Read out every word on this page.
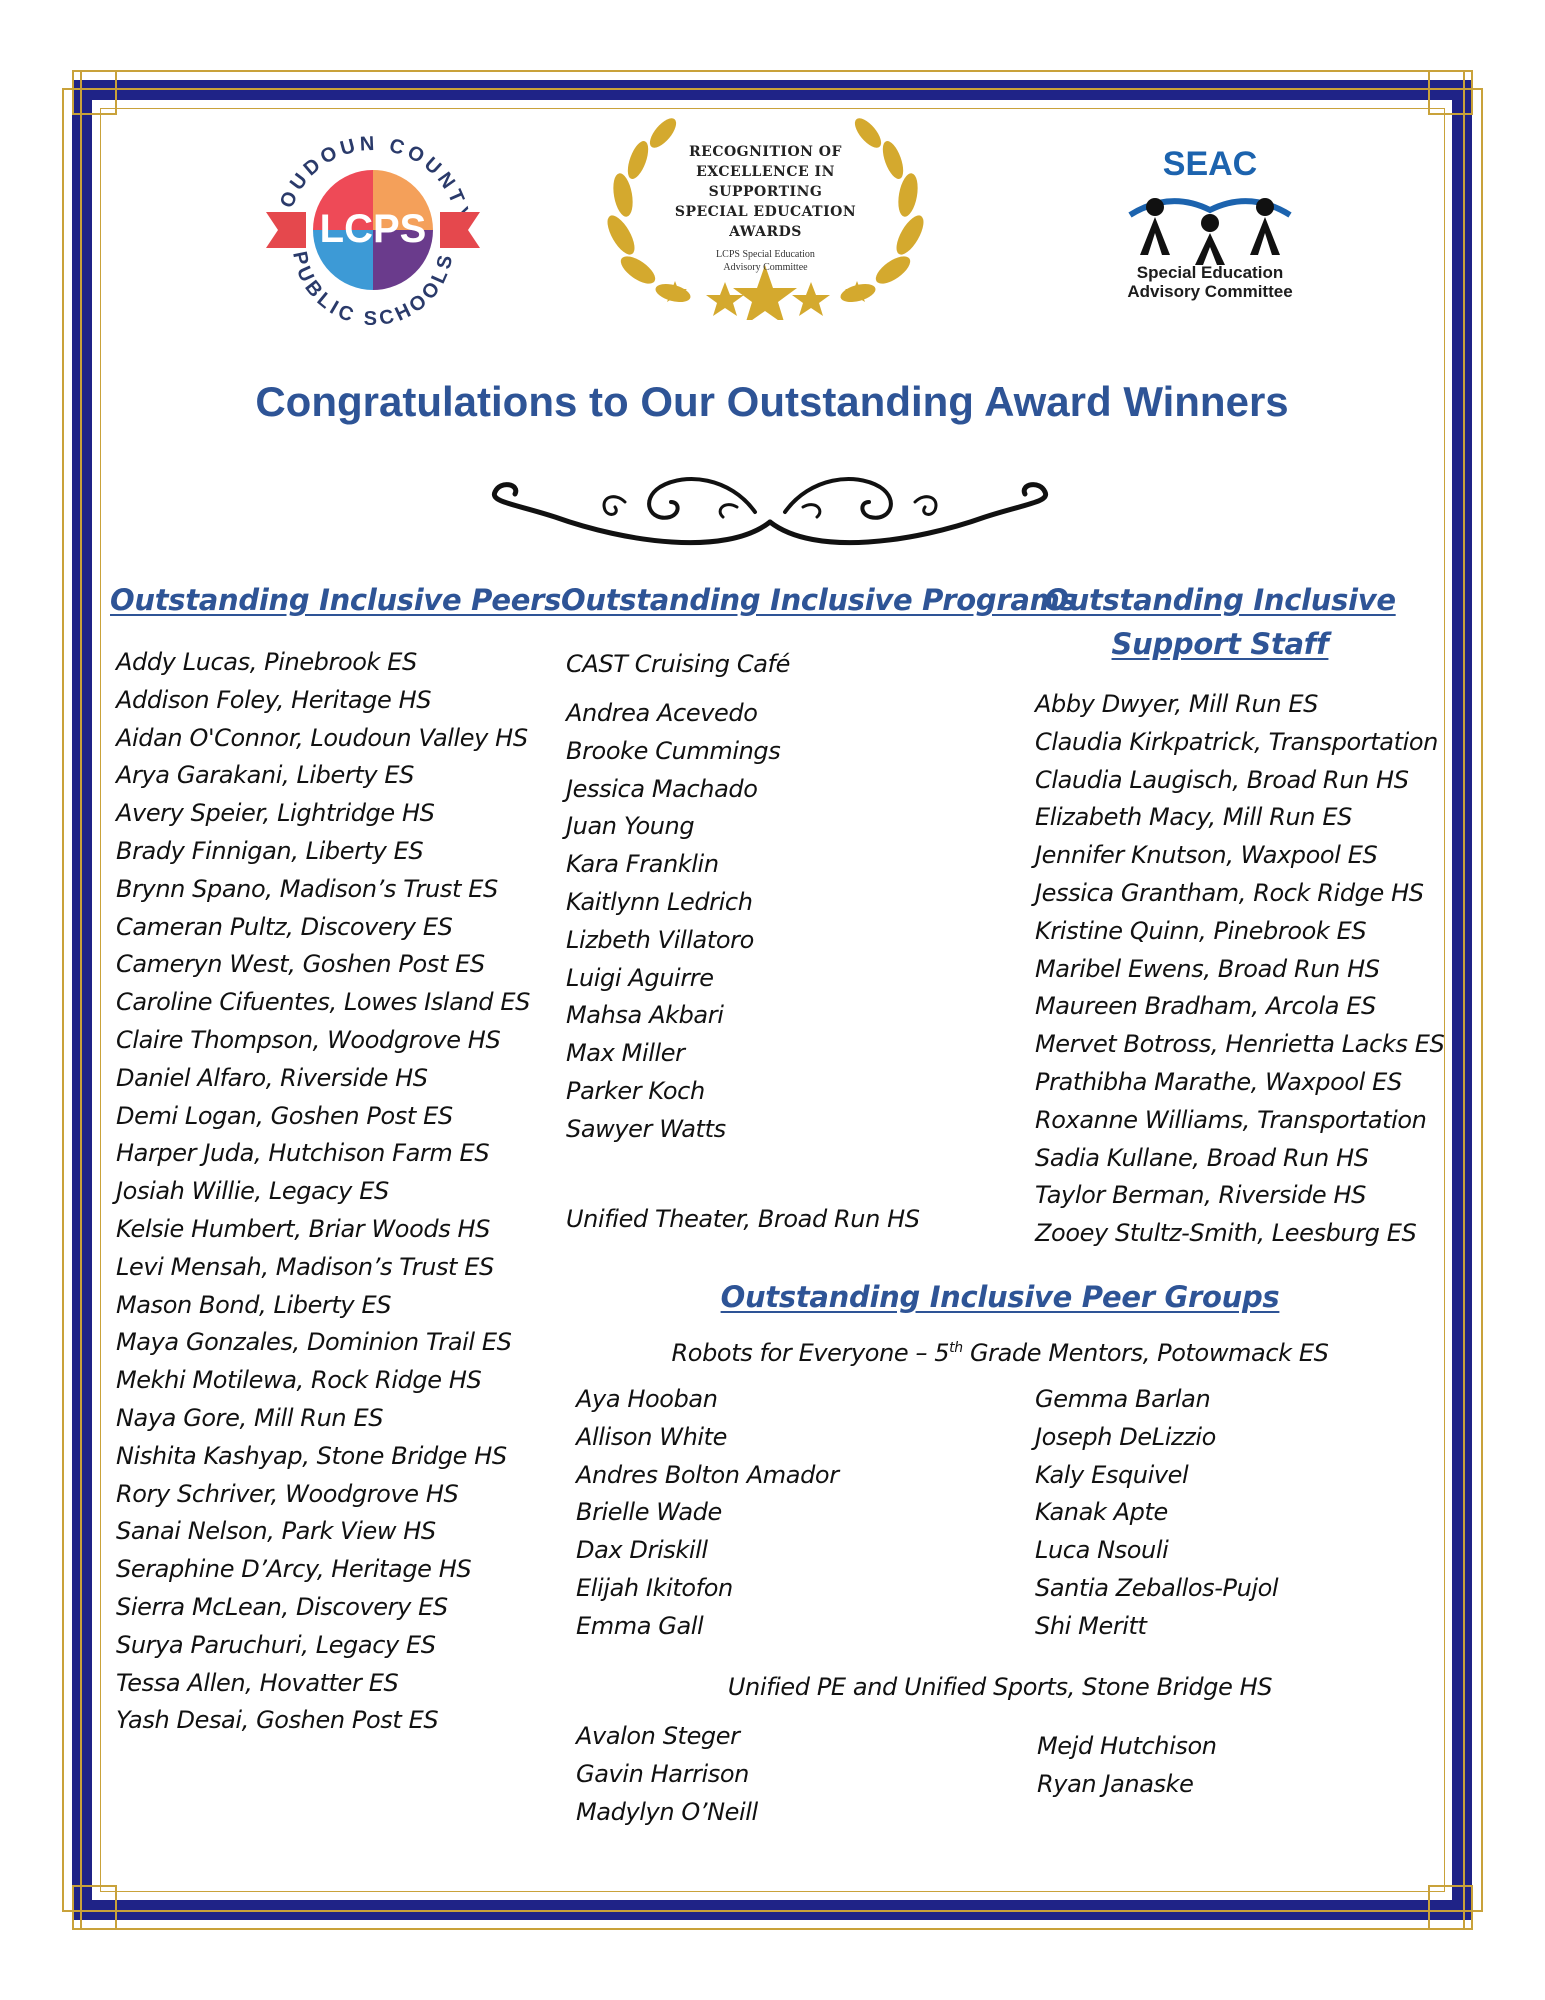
OUDOUN COUNT
PUBLIC SCHOOLS
LCPS
RECOGNITION OF
EXCELLENCE IN
SUPPORTING
SPECIAL EDUCATION
AWARDS
LCPS Special Education
Advisory Committee
SEAC
Special Education
Advisory Committee
Congratulations to Our Outstanding Award Winners
Outstanding Inclusive Peers
Addy Lucas, Pinebrook ES
Addison Foley, Heritage HS
Aidan O'Connor, Loudoun Valley HS
Arya Garakani, Liberty ES
Avery Speier, Lightridge HS
Brady Finnigan, Liberty ES
Brynn Spano, Madison’s Trust ES
Cameran Pultz, Discovery ES
Cameryn West, Goshen Post ES
Caroline Cifuentes, Lowes Island ES
Claire Thompson, Woodgrove HS
Daniel Alfaro, Riverside HS
Demi Logan, Goshen Post ES
Harper Juda, Hutchison Farm ES
Josiah Willie, Legacy ES
Kelsie Humbert, Briar Woods HS
Levi Mensah, Madison’s Trust ES
Mason Bond, Liberty ES
Maya Gonzales, Dominion Trail ES
Mekhi Motilewa, Rock Ridge HS
Naya Gore, Mill Run ES
Nishita Kashyap, Stone Bridge HS
Rory Schriver, Woodgrove HS
Sanai Nelson, Park View HS
Seraphine D’Arcy, Heritage HS
Sierra McLean, Discovery ES
Surya Paruchuri, Legacy ES
Tessa Allen, Hovatter ES
Yash Desai, Goshen Post ES
Outstanding Inclusive Programs
CAST Cruising Café
Andrea Acevedo
Brooke Cummings
Jessica Machado
Juan Young
Kara Franklin
Kaitlynn Ledrich
Lizbeth Villatoro
Luigi Aguirre
Mahsa Akbari
Max Miller
Parker Koch
Sawyer Watts
Unified Theater, Broad Run HS
Outstanding Inclusive
Support Staff
Abby Dwyer, Mill Run ES
Claudia Kirkpatrick, Transportation
Claudia Laugisch, Broad Run HS
Elizabeth Macy, Mill Run ES
Jennifer Knutson, Waxpool ES
Jessica Grantham, Rock Ridge HS
Kristine Quinn, Pinebrook ES
Maribel Ewens, Broad Run HS
Maureen Bradham, Arcola ES
Mervet Botross, Henrietta Lacks ES
Prathibha Marathe, Waxpool ES
Roxanne Williams, Transportation
Sadia Kullane, Broad Run HS
Taylor Berman, Riverside HS
Zooey Stultz-Smith, Leesburg ES
Outstanding Inclusive Peer Groups
Robots for Everyone – 5th Grade Mentors, Potowmack ES
Aya Hooban
Allison White
Andres Bolton Amador
Brielle Wade
Dax Driskill
Elijah Ikitofon
Emma Gall
Gemma Barlan
Joseph DeLizzio
Kaly Esquivel
Kanak Apte
Luca Nsouli
Santia Zeballos-Pujol
Shi Meritt
Unified PE and Unified Sports, Stone Bridge HS
Avalon Steger
Gavin Harrison
Madylyn O’Neill
Mejd Hutchison
Ryan Janaske
